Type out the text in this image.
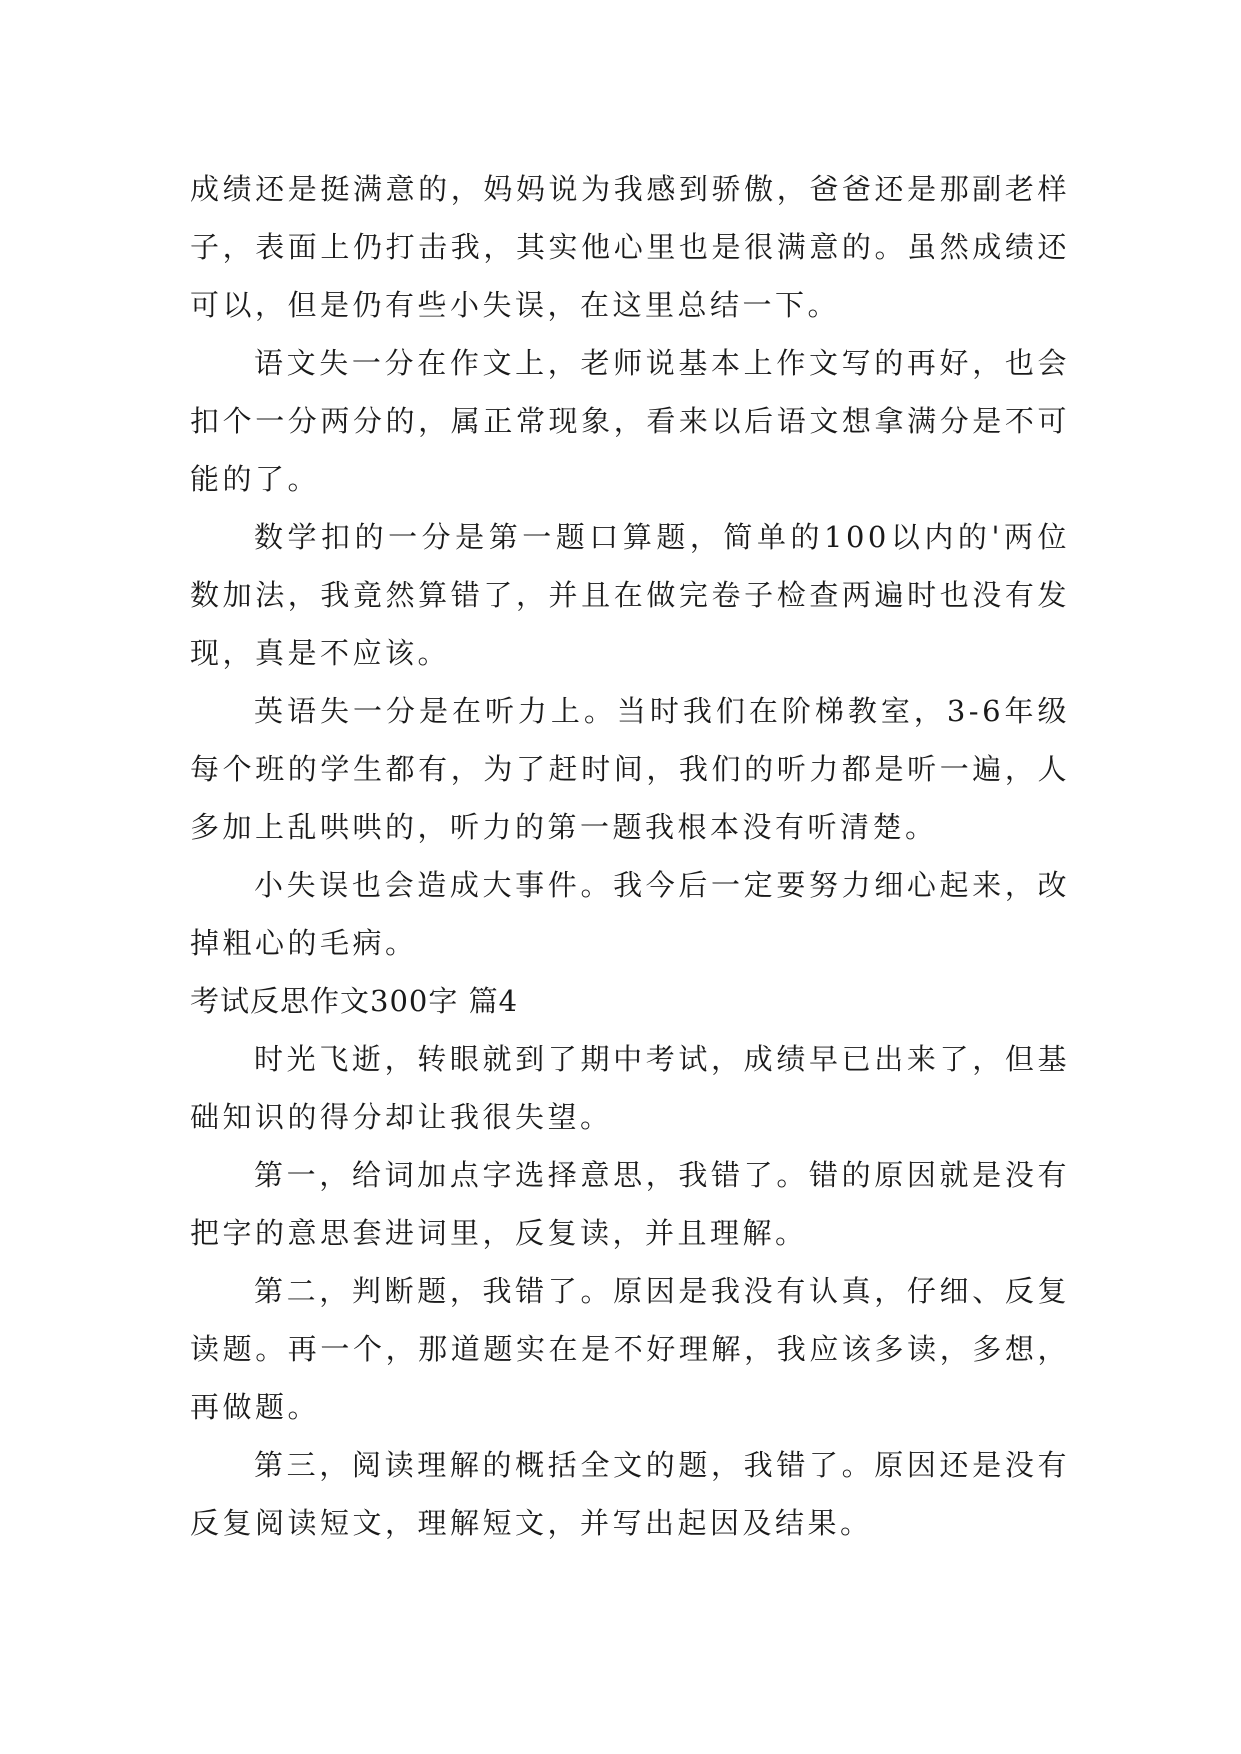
成绩还是挺满意的，妈妈说为我感到骄傲，爸爸还是那副老样子，表面上仍打击我，其实他心里也是很满意的。虽然成绩还可以，但是仍有些小失误，在这里总结一下。

语文失一分在作文上，老师说基本上作文写的再好，也会扣个一分两分的，属正常现象，看来以后语文想拿满分是不可能的了。

数学扣的一分是第一题口算题，简单的100以内的'两位数加法，我竟然算错了，并且在做完卷子检查两遍时也没有发现，真是不应该。

英语失一分是在听力上。当时我们在阶梯教室，3-6年级每个班的学生都有，为了赶时间，我们的听力都是听一遍，人多加上乱哄哄的，听力的第一题我根本没有听清楚。

小失误也会造成大事件。我今后一定要努力细心起来，改掉粗心的毛病。

考试反思作文300字 篇4

时光飞逝，转眼就到了期中考试，成绩早已出来了，但基础知识的得分却让我很失望。

第一，给词加点字选择意思，我错了。错的原因就是没有把字的意思套进词里，反复读，并且理解。

第二，判断题，我错了。原因是我没有认真，仔细、反复读题。再一个，那道题实在是不好理解，我应该多读，多想，再做题。

第三，阅读理解的概括全文的题，我错了。原因还是没有反复阅读短文，理解短文，并写出起因及结果。
